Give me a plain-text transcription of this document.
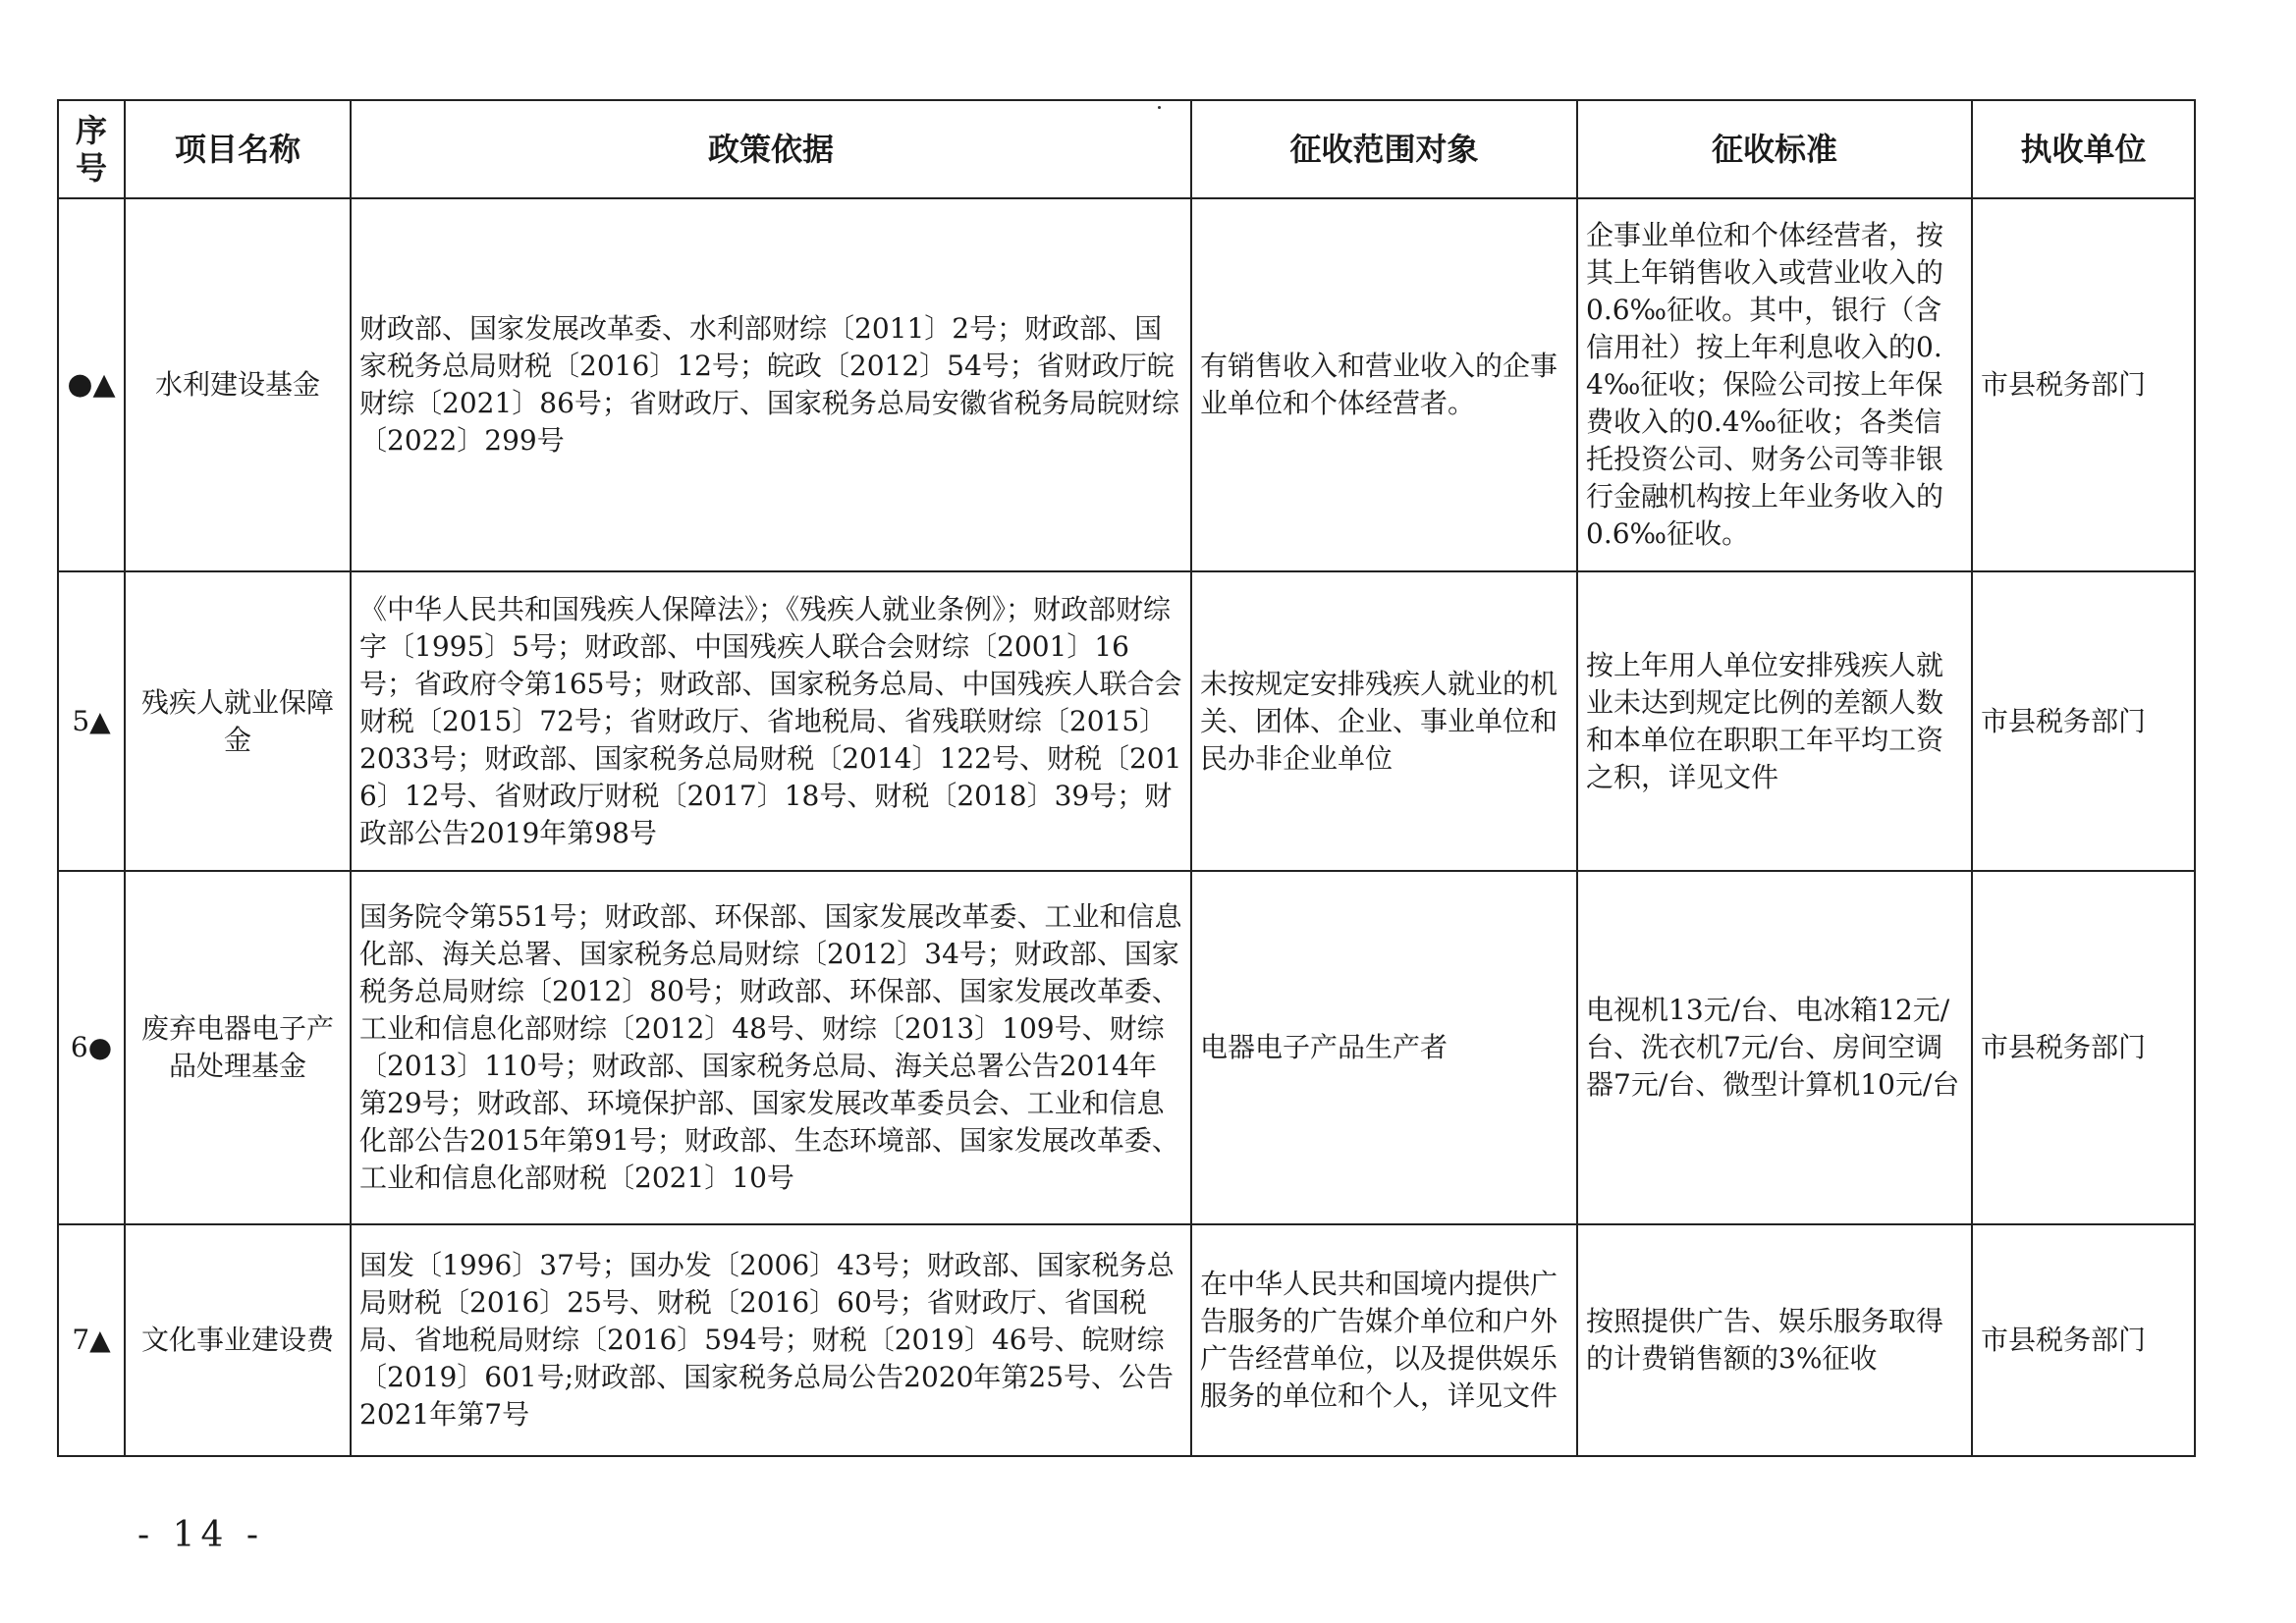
序号	项目名称	政策依据	征收范围对象	征收标准	执收单位
●▲	水利建设基金	财政部、国家发展改革委、水利部财综〔2011〕2号；财政部、国家税务总局财税〔2016〕12号；皖政〔2012〕54号；省财政厅皖财综〔2021〕86号；省财政厅、国家税务总局安徽省税务局皖财综〔2022〕299号	有销售收入和营业收入的企事业单位和个体经营者。	企事业单位和个体经营者，按其上年销售收入或营业收入的0.6‰征收。其中，银行（含信用社）按上年利息收入的0.4‰征收；保险公司按上年保费收入的0.4‰征收；各类信托投资公司、财务公司等非银行金融机构按上年业务收入的0.6‰征收。	市县税务部门
5▲	残疾人就业保障金	《中华人民共和国残疾人保障法》；《残疾人就业条例》；财政部财综字〔1995〕5号；财政部、中国残疾人联合会财综〔2001〕16号；省政府令第165号；财政部、国家税务总局、中国残疾人联合会财税〔2015〕72号；省财政厅、省地税局、省残联财综〔2015〕2033号；财政部、国家税务总局财税〔2014〕122号、财税〔2016〕12号、省财政厅财税〔2017〕18号、财税〔2018〕39号；财政部公告2019年第98号	未按规定安排残疾人就业的机关、团体、企业、事业单位和民办非企业单位	按上年用人单位安排残疾人就业未达到规定比例的差额人数和本单位在职职工年平均工资之积，详见文件	市县税务部门
6●	废弃电器电子产品处理基金	国务院令第551号；财政部、环保部、国家发展改革委、工业和信息化部、海关总署、国家税务总局财综〔2012〕34号；财政部、国家税务总局财综〔2012〕80号；财政部、环保部、国家发展改革委、工业和信息化部财综〔2012〕48号、财综〔2013〕109号、财综〔2013〕110号；财政部、国家税务总局、海关总署公告2014年第29号；财政部、环境保护部、国家发展改革委员会、工业和信息化部公告2015年第91号；财政部、生态环境部、国家发展改革委、工业和信息化部财税〔2021〕10号	电器电子产品生产者	电视机13元/台、电冰箱12元/台、洗衣机7元/台、房间空调器7元/台、微型计算机10元/台	市县税务部门
7▲	文化事业建设费	国发〔1996〕37号；国办发〔2006〕43号；财政部、国家税务总局财税〔2016〕25号、财税〔2016〕60号；省财政厅、省国税局、省地税局财综〔2016〕594号；财税〔2019〕46号、皖财综〔2019〕601号;财政部、国家税务总局公告2020年第25号、公告2021年第7号	在中华人民共和国境内提供广告服务的广告媒介单位和户外广告经营单位，以及提供娱乐服务的单位和个人，详见文件	按照提供广告、娱乐服务取得的计费销售额的3%征收	市县税务部门
- 14 -
